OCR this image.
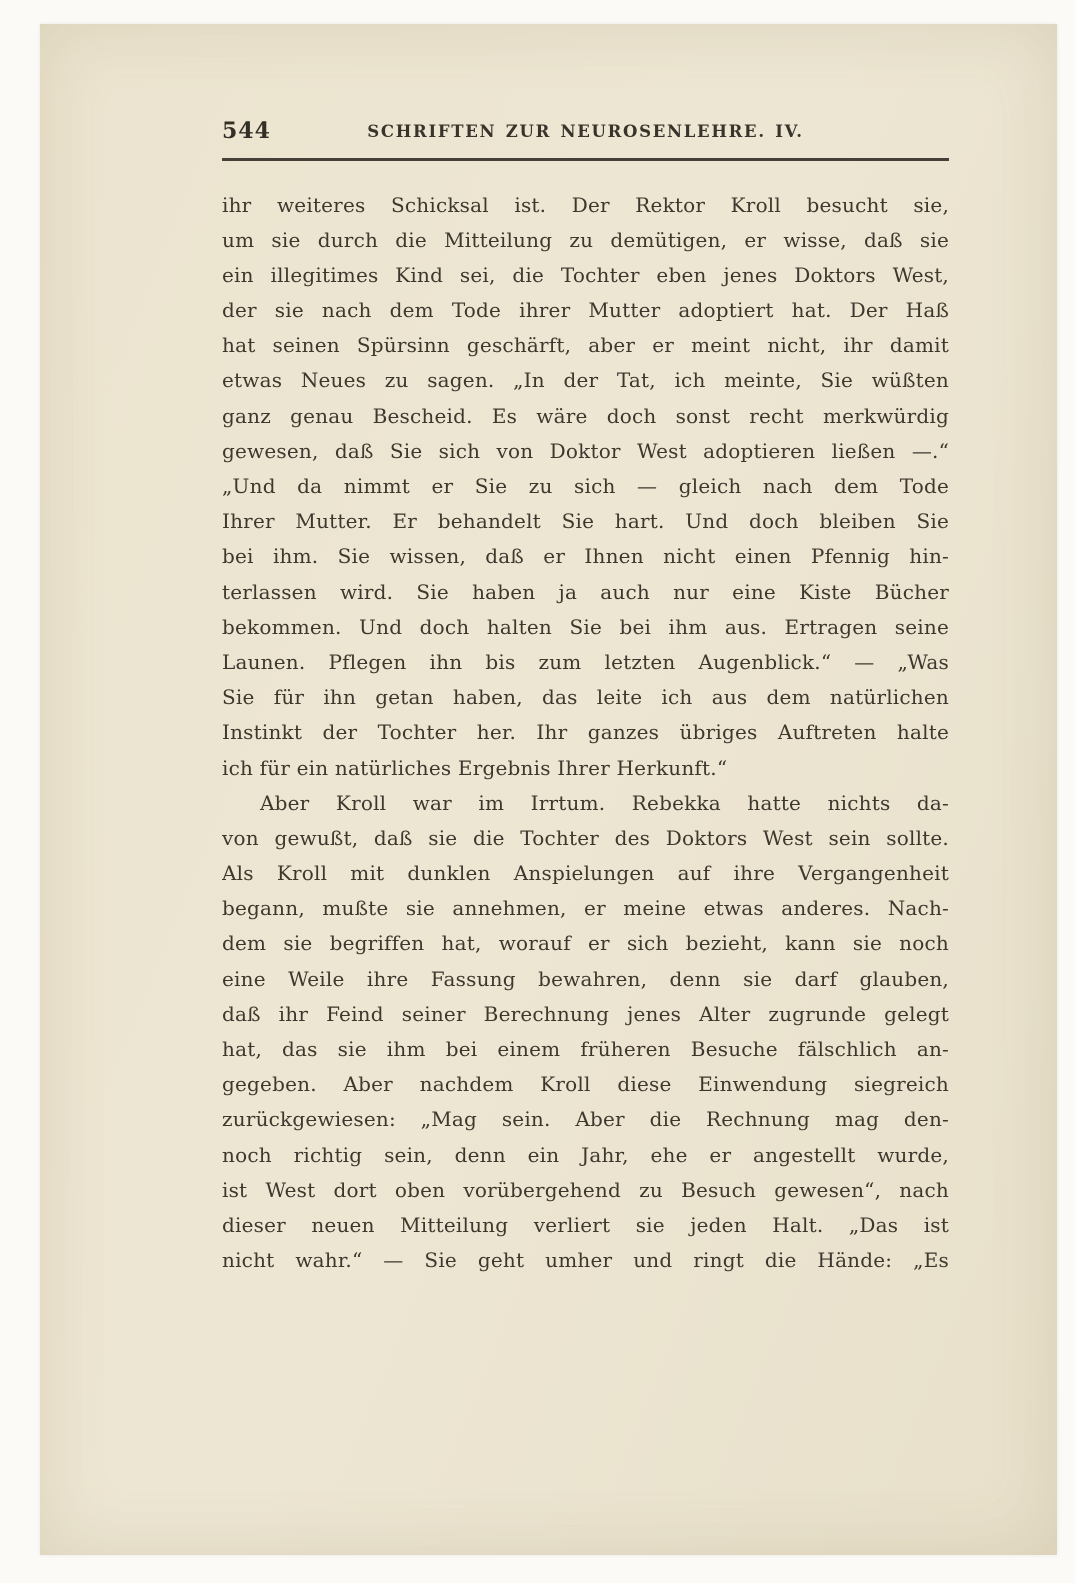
544	SCHRIFTEN ZUR NEUROSENLEHRE. IV.
ihr weiteres Schicksal ist. Der Rektor Kroll besucht sie,
um sie durch die Mitteilung zu demütigen, er wisse, daß sie
ein illegitimes Kind sei, die Tochter eben jenes Doktors West,
der sie nach dem Tode ihrer Mutter adoptiert hat. Der Haß
hat seinen Spürsinn geschärft, aber er meint nicht, ihr damit
etwas Neues zu sagen. „In der Tat, ich meinte, Sie wüßten
ganz genau Bescheid. Es wäre doch sonst recht merkwürdig
gewesen, daß Sie sich von Doktor West adoptieren ließen —.“
„Und da nimmt er Sie zu sich — gleich nach dem Tode
Ihrer Mutter. Er behandelt Sie hart. Und doch bleiben Sie
bei ihm. Sie wissen, daß er Ihnen nicht einen Pfennig hin-
terlassen wird. Sie haben ja auch nur eine Kiste Bücher
bekommen. Und doch halten Sie bei ihm aus. Ertragen seine
Launen. Pflegen ihn bis zum letzten Augenblick.“ — „Was
Sie für ihn getan haben, das leite ich aus dem natürlichen
Instinkt der Tochter her. Ihr ganzes übriges Auftreten halte
ich für ein natürliches Ergebnis Ihrer Herkunft.“
Aber Kroll war im Irrtum. Rebekka hatte nichts da-
von gewußt, daß sie die Tochter des Doktors West sein sollte.
Als Kroll mit dunklen Anspielungen auf ihre Vergangenheit
begann, mußte sie annehmen, er meine etwas anderes. Nach-
dem sie begriffen hat, worauf er sich bezieht, kann sie noch
eine Weile ihre Fassung bewahren, denn sie darf glauben,
daß ihr Feind seiner Berechnung jenes Alter zugrunde gelegt
hat, das sie ihm bei einem früheren Besuche fälschlich an-
gegeben. Aber nachdem Kroll diese Einwendung siegreich
zurückgewiesen: „Mag sein. Aber die Rechnung mag den-
noch richtig sein, denn ein Jahr, ehe er angestellt wurde,
ist West dort oben vorübergehend zu Besuch gewesen“, nach
dieser neuen Mitteilung verliert sie jeden Halt. „Das ist
nicht wahr.“ — Sie geht umher und ringt die Hände: „Es
